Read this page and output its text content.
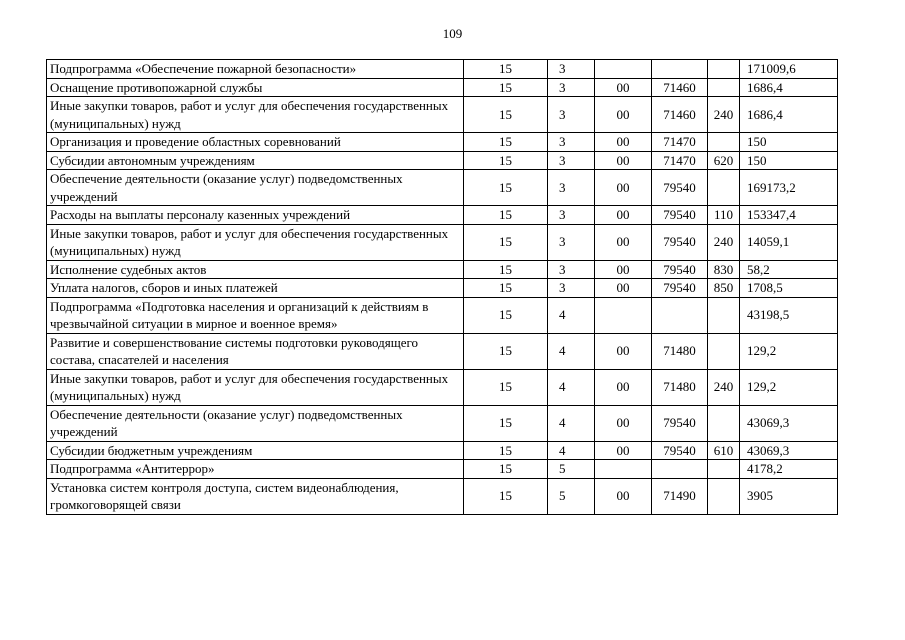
109
Подпрограмма «Обеспечение пожарной безопасности»	15	3				171009,6
Оснащение противопожарной службы	15	3	00	71460		1686,4
Иные закупки товаров, работ и услуг для обеспечения государственных (муниципальных) нужд	15	3	00	71460	240	1686,4
Организация и проведение областных соревнований	15	3	00	71470		150
Субсидии автономным учреждениям	15	3	00	71470	620	150
Обеспечение деятельности (оказание услуг) подведомственных учреждений	15	3	00	79540		169173,2
Расходы на выплаты персоналу казенных учреждений	15	3	00	79540	110	153347,4
Иные закупки товаров, работ и услуг для обеспечения государственных (муниципальных) нужд	15	3	00	79540	240	14059,1
Исполнение судебных актов	15	3	00	79540	830	58,2
Уплата налогов, сборов и иных платежей	15	3	00	79540	850	1708,5
Подпрограмма «Подготовка населения и организаций к действиям в чрезвычайной ситуации в мирное и военное время»	15	4				43198,5
Развитие и совершенствование системы подготовки руководящего состава, спасателей и населения	15	4	00	71480		129,2
Иные закупки товаров, работ и услуг для обеспечения государственных (муниципальных) нужд	15	4	00	71480	240	129,2
Обеспечение деятельности (оказание услуг) подведомственных учреждений	15	4	00	79540		43069,3
Субсидии бюджетным учреждениям	15	4	00	79540	610	43069,3
Подпрограмма «Антитеррор»	15	5				4178,2
Установка систем контроля доступа, систем видеонаблюдения, громкоговорящей связи	15	5	00	71490		3905
